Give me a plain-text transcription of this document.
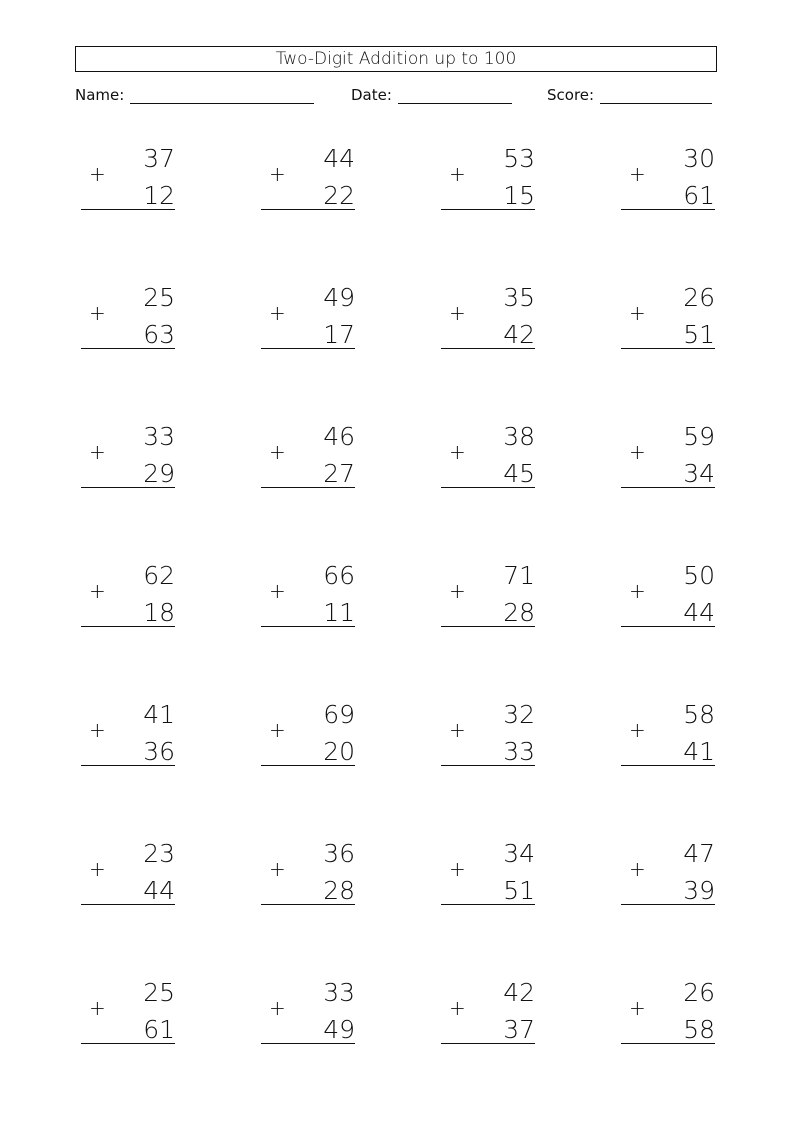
Two-Digit Addition up to 100
Name:	Date:	Score:
37
+
12
44
+
22
53
+
15
30
+
61
25
+
63
49
+
17
35
+
42
26
+
51
33
+
29
46
+
27
38
+
45
59
+
34
62
+
18
66
+
11
71
+
28
50
+
44
41
+
36
69
+
20
32
+
33
58
+
41
23
+
44
36
+
28
34
+
51
47
+
39
25
+
61
33
+
49
42
+
37
26
+
58
